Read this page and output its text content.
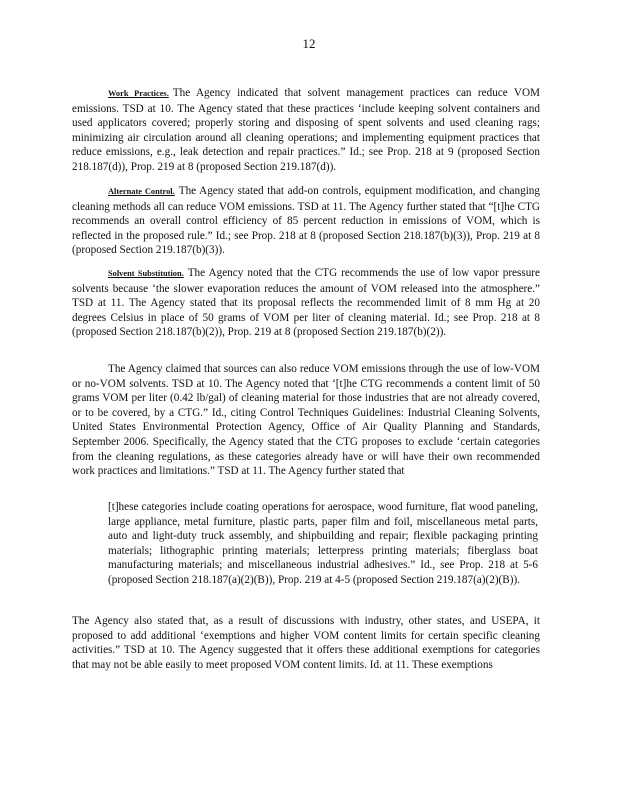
12

Work Practices. The Agency indicated that solvent management practices can reduce VOM emissions. TSD at 10. The Agency stated that these practices ‘include keeping solvent containers and used applicators covered; properly storing and disposing of spent solvents and used cleaning rags; minimizing air circulation around all cleaning operations; and implementing equipment practices that reduce emissions, e.g., leak detection and repair practices.” Id.; see Prop. 218 at 9 (proposed Section 218.187(d)), Prop. 219 at 8 (proposed Section 219.187(d)).

Alternate Control. The Agency stated that add-on controls, equipment modification, and changing cleaning methods all can reduce VOM emissions. TSD at 11. The Agency further stated that “[t]he CTG recommends an overall control efficiency of 85 percent reduction in emissions of VOM, which is reflected in the proposed rule.” Id.; see Prop. 218 at 8 (proposed Section 218.187(b)(3)), Prop. 219 at 8 (proposed Section 219.187(b)(3)).

Solvent Substitution. The Agency noted that the CTG recommends the use of low vapor pressure solvents because ‘the slower evaporation reduces the amount of VOM released into the atmosphere.” TSD at 11. The Agency stated that its proposal reflects the recommended limit of 8 mm Hg at 20 degrees Celsius in place of 50 grams of VOM per liter of cleaning material. Id.; see Prop. 218 at 8 (proposed Section 218.187(b)(2)), Prop. 219 at 8 (proposed Section 219.187(b)(2)).

The Agency claimed that sources can also reduce VOM emissions through the use of low-VOM or no-VOM solvents. TSD at 10. The Agency noted that ‘[t]he CTG recommends a content limit of 50 grams VOM per liter (0.42 lb/gal) of cleaning material for those industries that are not already covered, or to be covered, by a CTG.” Id., citing Control Techniques Guidelines: Industrial Cleaning Solvents, United States Environmental Protection Agency, Office of Air Quality Planning and Standards, September 2006. Specifically, the Agency stated that the CTG proposes to exclude ‘certain categories from the cleaning regulations, as these categories already have or will have their own recommended work practices and limitations.” TSD at 11. The Agency further stated that

[t]hese categories include coating operations for aerospace, wood furniture, flat wood paneling, large appliance, metal furniture, plastic parts, paper film and foil, miscellaneous metal parts, auto and light-duty truck assembly, and shipbuilding and repair; flexible packaging printing materials; lithographic printing materials; letterpress printing materials; fiberglass boat manufacturing materials; and miscellaneous industrial adhesives.” Id., see Prop. 218 at 5-6 (proposed Section 218.187(a)(2)(B)), Prop. 219 at 4-5 (proposed Section 219.187(a)(2)(B)).

The Agency also stated that, as a result of discussions with industry, other states, and USEPA, it proposed to add additional ‘exemptions and higher VOM content limits for certain specific cleaning activities.” TSD at 10. The Agency suggested that it offers these additional exemptions for categories that may not be able easily to meet proposed VOM content limits. Id. at 11. These exemptions
